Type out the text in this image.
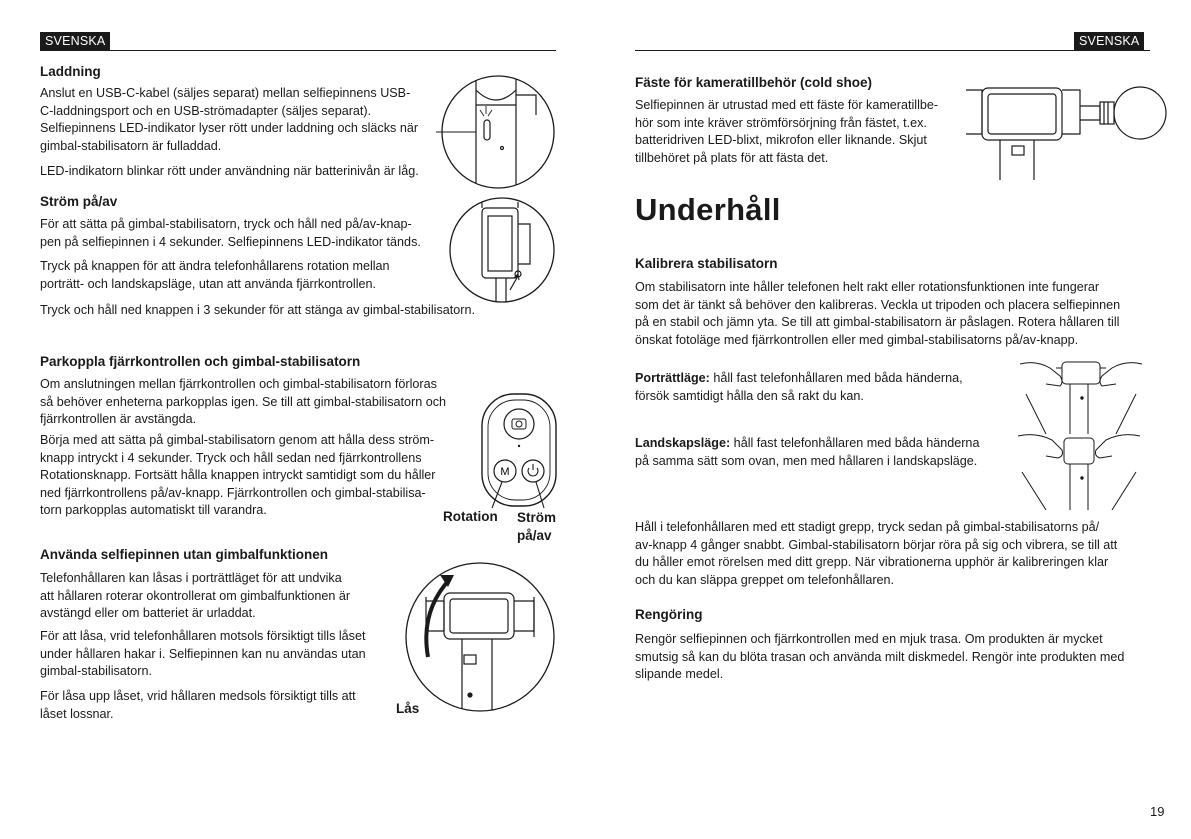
SVENSKA	SVENSKA
Laddning

Anslut en USB-C-kabel (säljes separat) mellan selfiepinnens USB-
C-laddningsport och en USB-strömadapter (säljes separat).
Selfiepinnens LED-indikator lyser rött under laddning och släcks när
gimbal-stabilisatorn är fulladdad.

LED-indikatorn blinkar rött under användning när batterinivån är låg.

Ström på/av

För att sätta på gimbal-stabilisatorn, tryck och håll ned på/av-knap-
pen på selfiepinnen i 4 sekunder. Selfiepinnens LED-indikator tänds.

Tryck på knappen för att ändra telefonhållarens rotation mellan
porträtt- och landskapsläge, utan att använda fjärrkontrollen.

Tryck och håll ned knappen i 3 sekunder för att stänga av gimbal-stabilisatorn.

Parkoppla fjärrkontrollen och gimbal-stabilisatorn

Om anslutningen mellan fjärrkontrollen och gimbal-stabilisatorn förloras
så behöver enheterna parkopplas igen. Se till att gimbal-stabilisatorn och
fjärrkontrollen är avstängda.

Börja med att sätta på gimbal-stabilisatorn genom att hålla dess ström-
knapp intryckt i 4 sekunder. Tryck och håll sedan ned fjärrkontrollens
Rotationsknapp. Fortsätt hålla knappen intryckt samtidigt som du håller
ned fjärrkontrollens på/av-knapp. Fjärrkontrollen och gimbal-stabilisa-
torn parkopplas automatiskt till varandra.

M
Rotation Ström
på/av
Använda selfiepinnen utan gimbalfunktionen

Telefonhållaren kan låsas i porträttläget för att undvika
att hållaren roterar okontrollerat om gimbalfunktionen är
avstängd eller om batteriet är urladdat.

För att låsa, vrid telefonhållaren motsols försiktigt tills låset
under hållaren hakar i. Selfiepinnen kan nu användas utan
gimbal-stabilisatorn.

För låsa upp låset, vrid hållaren medsols försiktigt tills att
låset lossnar.	Lås
Fäste för kameratillbehör (cold shoe)

Selfiepinnen är utrustad med ett fäste för kameratillbe-
hör som inte kräver strömförsörjning från fästet, t.ex.
batteridriven LED-blixt, mikrofon eller liknande. Skjut
tillbehöret på plats för att fästa det.

Underhåll
Kalibrera stabilisatorn

Om stabilisatorn inte håller telefonen helt rakt eller rotationsfunktionen inte fungerar
som det är tänkt så behöver den kalibreras. Veckla ut tripoden och placera selfiepinnen
på en stabil och jämn yta. Se till att gimbal-stabilisatorn är påslagen. Rotera hållaren till
önskat fotoläge med fjärrkontrollen eller med gimbal-stabilisatorns på/av-knapp.

Porträttläge: håll fast telefonhållaren med båda händerna,
försök samtidigt hålla den så rakt du kan.

Landskapsläge: håll fast telefonhållaren med båda händerna
på samma sätt som ovan, men med hållaren i landskapsläge.

Håll i telefonhållaren med ett stadigt grepp, tryck sedan på gimbal-stabilisatorns på/
av-knapp 4 gånger snabbt. Gimbal-stabilisatorn börjar röra på sig och vibrera, se till att
du håller emot rörelsen med ditt grepp. När vibrationerna upphör är kalibreringen klar
och du kan släppa greppet om telefonhållaren.

Rengöring

Rengör selfiepinnen och fjärrkontrollen med en mjuk trasa. Om produkten är mycket
smutsig så kan du blöta trasan och använda milt diskmedel. Rengör inte produkten med
slipande medel.

19
